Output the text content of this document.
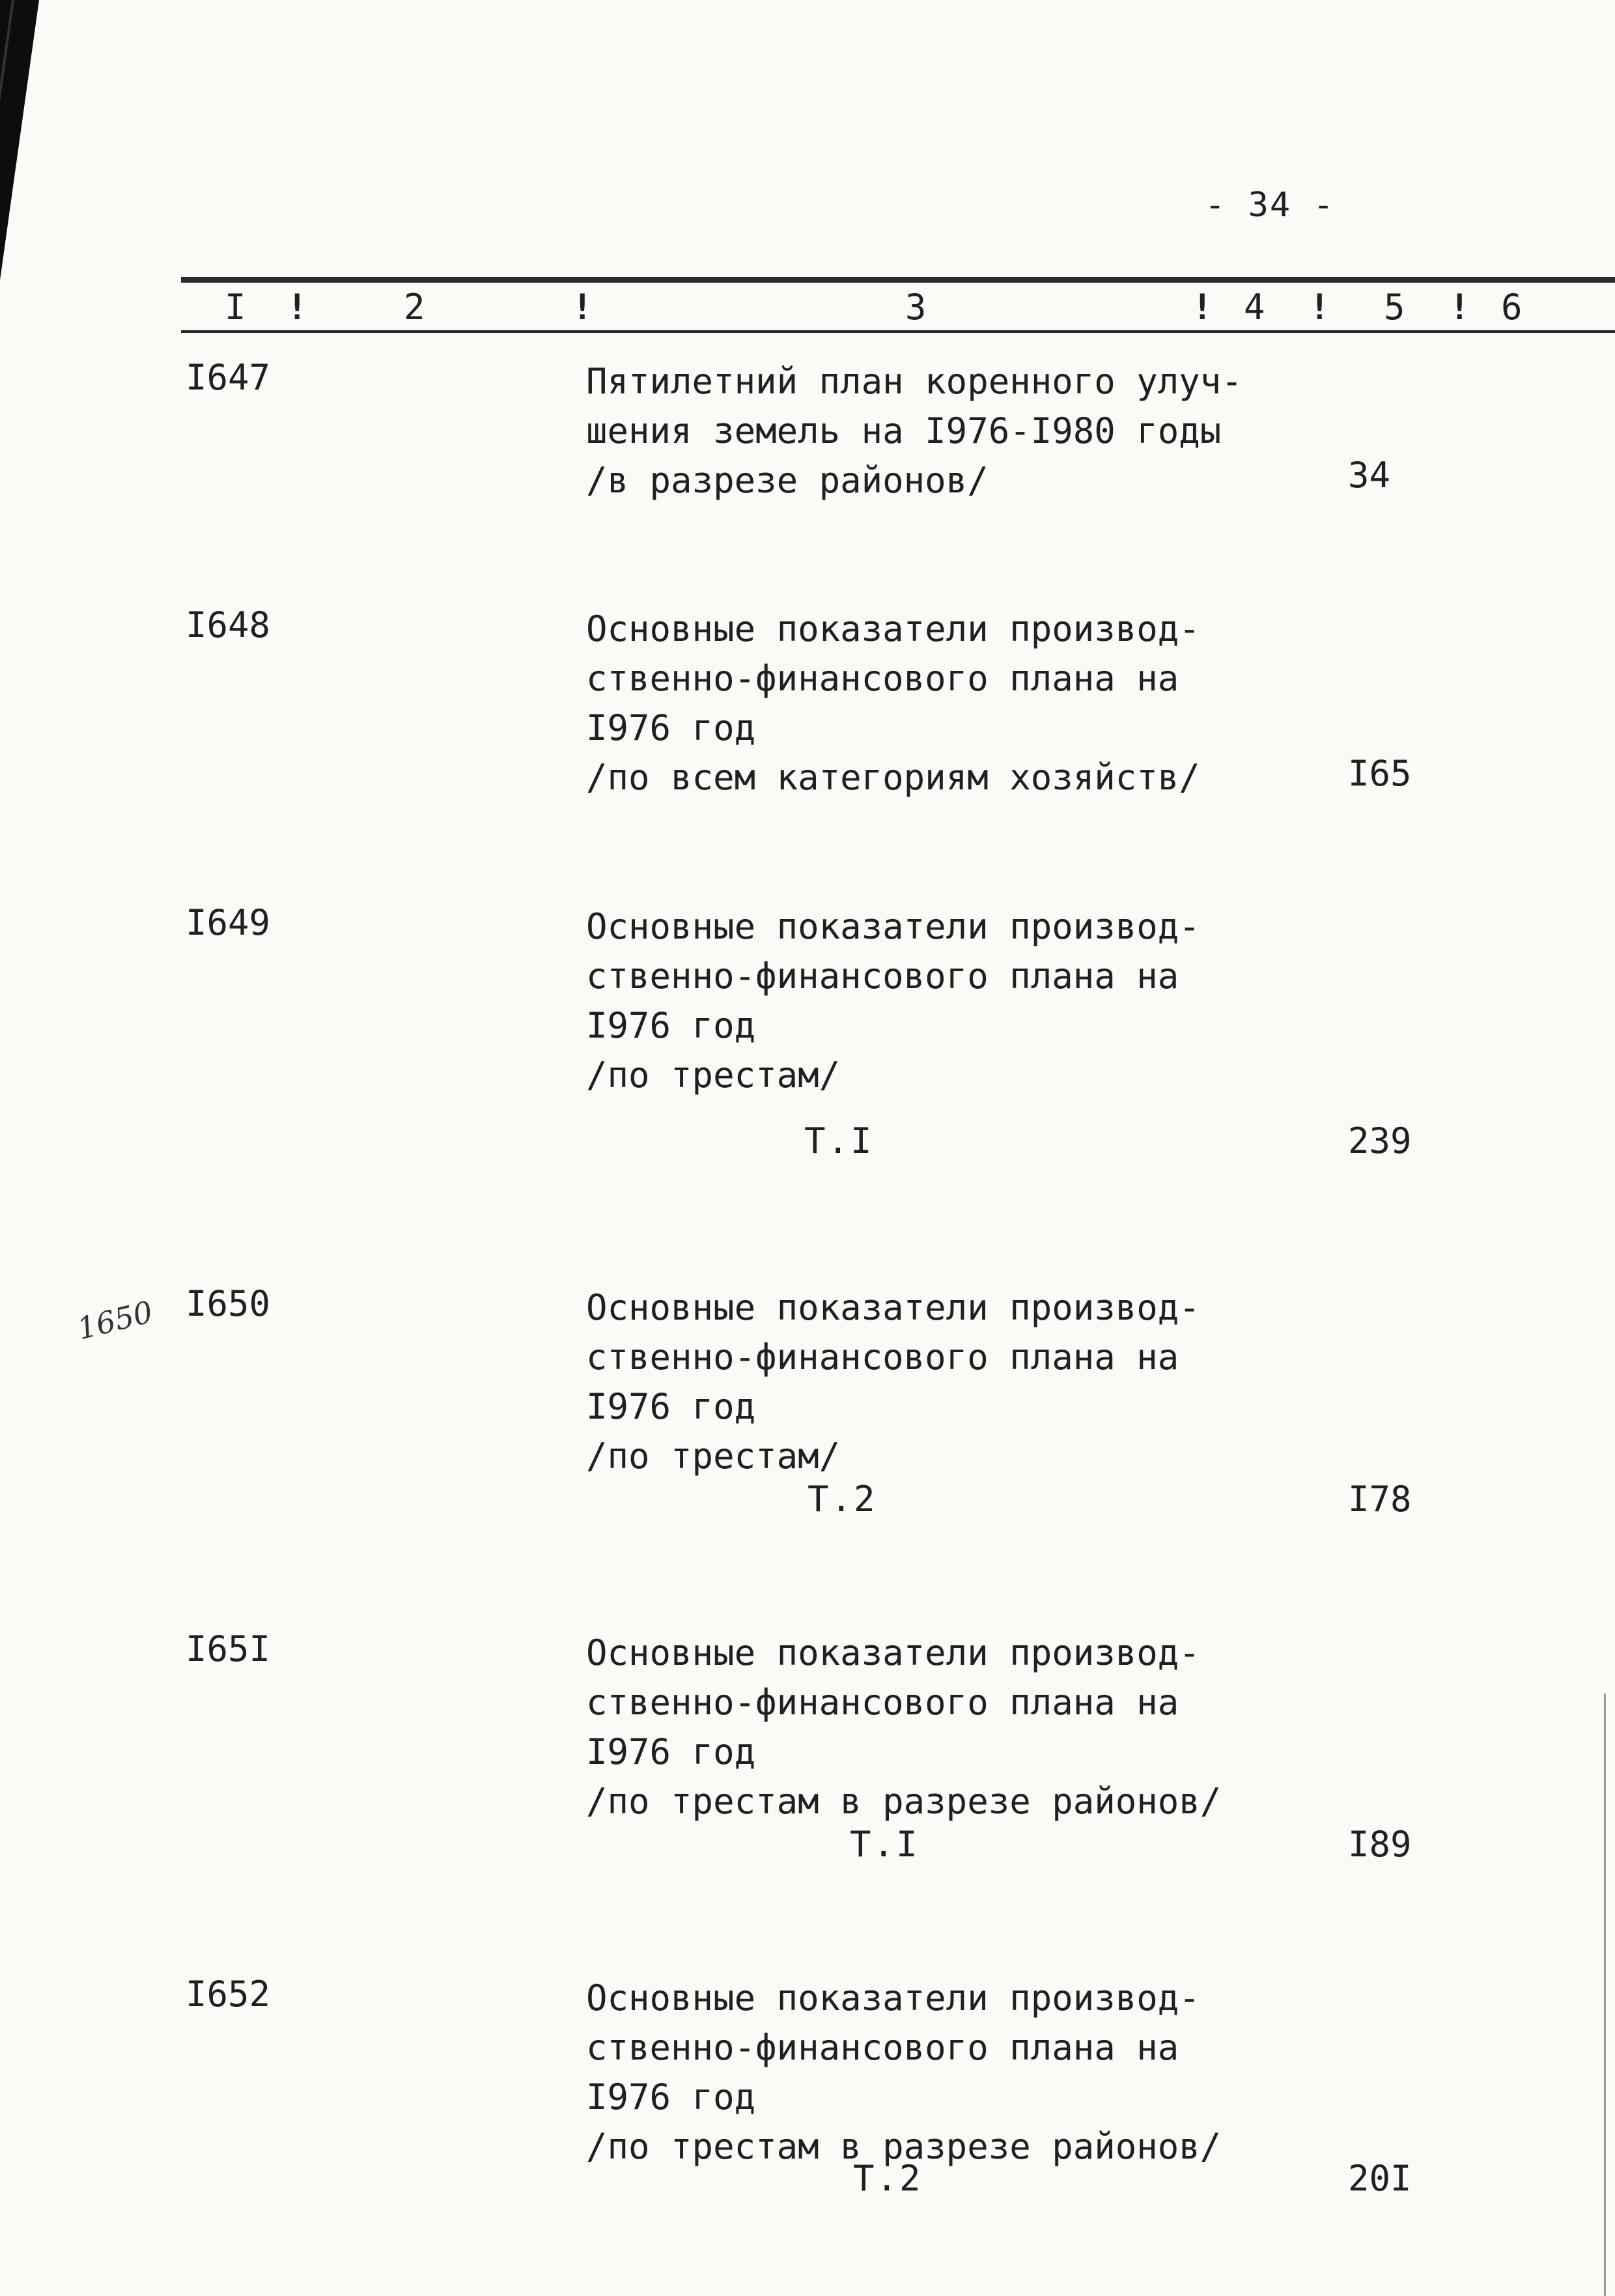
- 34 -
I !	2	!	3	! 4 ! 5 ! 6
I647	Пятилетний план коренного улуч-
шения земель на I976-I980 годы
/в разрезе районов/	34
I648	Основные показатели производ-
ственно-финансового плана на
I976 год
/по всем категориям хозяйств/	I65
I649	Основные показатели производ-
ственно-финансового плана на
I976 год
/по трестам/
Т.I	239
I650	Основные показатели производ-
ственно-финансового плана на
I976 год
/по трестам/
Т.2	I78
I65I	Основные показатели производ-
ственно-финансового плана на
I976 год
/по трестам в разрезе районов/
Т.I	I89
I652	Основные показатели производ-
ственно-финансового плана на
I976 год
/по трестам в разрезе районов/
Т.2	20I
1650
